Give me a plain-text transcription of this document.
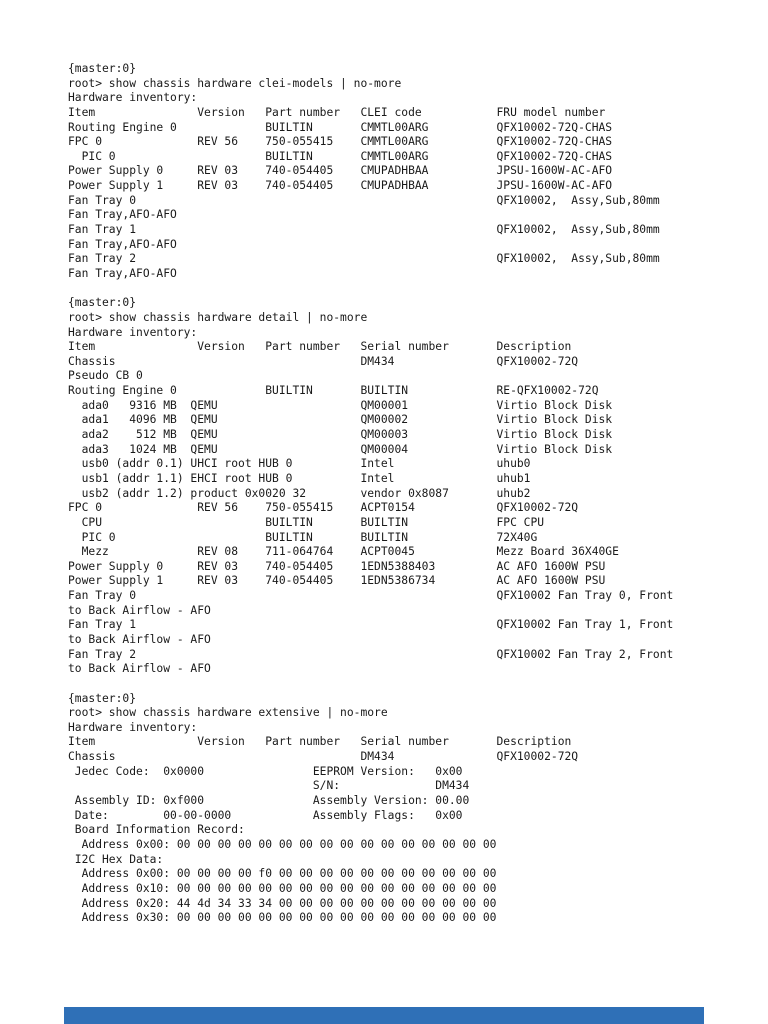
{master:0}
root> show chassis hardware clei-models | no-more
Hardware inventory:
Item               Version   Part number   CLEI code           FRU model number
Routing Engine 0             BUILTIN       CMMTL00ARG          QFX10002-72Q-CHAS
FPC 0              REV 56    750-055415    CMMTL00ARG          QFX10002-72Q-CHAS
PIC 0                      BUILTIN       CMMTL00ARG          QFX10002-72Q-CHAS
Power Supply 0     REV 03    740-054405    CMUPADHBAA          JPSU-1600W-AC-AFO
Power Supply 1     REV 03    740-054405    CMUPADHBAA          JPSU-1600W-AC-AFO
Fan Tray 0                                                     QFX10002,  Assy,Sub,80mm
Fan Tray,AFO-AFO
Fan Tray 1                                                     QFX10002,  Assy,Sub,80mm
Fan Tray,AFO-AFO
Fan Tray 2                                                     QFX10002,  Assy,Sub,80mm
Fan Tray,AFO-AFO
{master:0}
root> show chassis hardware detail | no-more
Hardware inventory:
Item               Version   Part number   Serial number       Description
Chassis                                    DM434               QFX10002-72Q
Pseudo CB 0
Routing Engine 0             BUILTIN       BUILTIN             RE-QFX10002-72Q
ada0   9316 MB  QEMU                     QM00001             Virtio Block Disk
ada1   4096 MB  QEMU                     QM00002             Virtio Block Disk
ada2    512 MB  QEMU                     QM00003             Virtio Block Disk
ada3   1024 MB  QEMU                     QM00004             Virtio Block Disk
usb0 (addr 0.1) UHCI root HUB 0          Intel               uhub0
usb1 (addr 1.1) EHCI root HUB 0          Intel               uhub1
usb2 (addr 1.2) product 0x0020 32        vendor 0x8087       uhub2
FPC 0              REV 56    750-055415    ACPT0154            QFX10002-72Q
CPU                        BUILTIN       BUILTIN             FPC CPU
PIC 0                      BUILTIN       BUILTIN             72X40G
Mezz             REV 08    711-064764    ACPT0045            Mezz Board 36X40GE
Power Supply 0     REV 03    740-054405    1EDN5388403         AC AFO 1600W PSU
Power Supply 1     REV 03    740-054405    1EDN5386734         AC AFO 1600W PSU
Fan Tray 0                                                     QFX10002 Fan Tray 0, Front
to Back Airflow - AFO
Fan Tray 1                                                     QFX10002 Fan Tray 1, Front
to Back Airflow - AFO
Fan Tray 2                                                     QFX10002 Fan Tray 2, Front
to Back Airflow - AFO
{master:0}
root> show chassis hardware extensive | no-more
Hardware inventory:
Item               Version   Part number   Serial number       Description
Chassis                                    DM434               QFX10002-72Q
Jedec Code:  0x0000                EEPROM Version:   0x00
S/N:              DM434
Assembly ID: 0xf000                Assembly Version: 00.00
Date:        00-00-0000            Assembly Flags:   0x00
Board Information Record:
Address 0x00: 00 00 00 00 00 00 00 00 00 00 00 00 00 00 00 00
I2C Hex Data:
Address 0x00: 00 00 00 00 f0 00 00 00 00 00 00 00 00 00 00 00
Address 0x10: 00 00 00 00 00 00 00 00 00 00 00 00 00 00 00 00
Address 0x20: 44 4d 34 33 34 00 00 00 00 00 00 00 00 00 00 00
Address 0x30: 00 00 00 00 00 00 00 00 00 00 00 00 00 00 00 00
